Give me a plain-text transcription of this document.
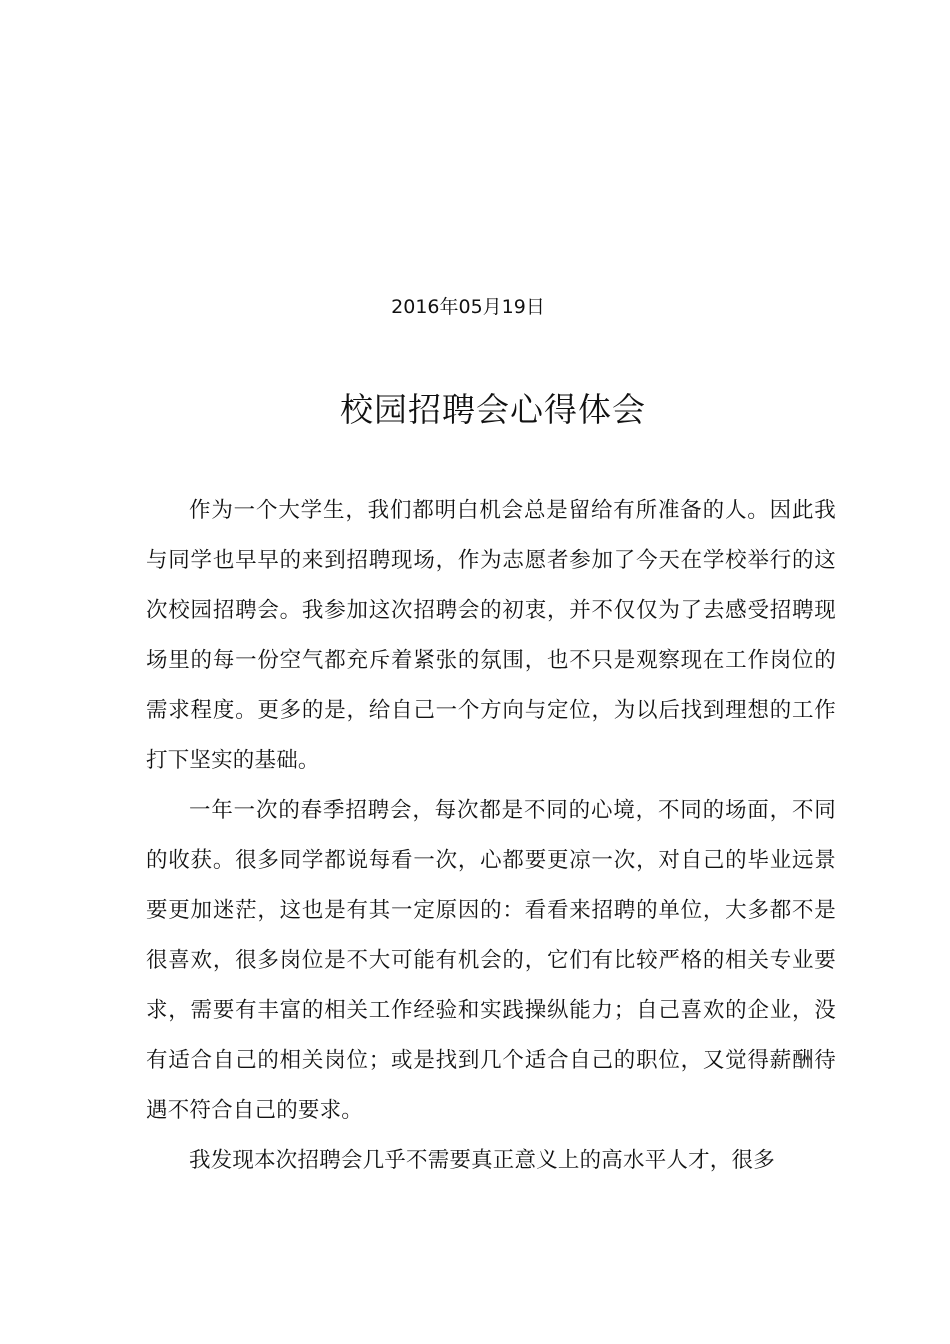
2016年05月19日
校园招聘会心得体会

作为一个大学生，我们都明白机会总是留给有所准备的人。因此我与同学也早早的来到招聘现场，作为志愿者参加了今天在学校举行的这次校园招聘会。我参加这次招聘会的初衷，并不仅仅为了去感受招聘现场里的每一份空气都充斥着紧张的氛围，也不只是观察现在工作岗位的需求程度。更多的是，给自己一个方向与定位，为以后找到理想的工作打下坚实的基础。

一年一次的春季招聘会，每次都是不同的心境，不同的场面，不同的收获。很多同学都说每看一次，心都要更凉一次，对自己的毕业远景要更加迷茫，这也是有其一定原因的：看看来招聘的单位，大多都不是很喜欢，很多岗位是不大可能有机会的，它们有比较严格的相关专业要求，需要有丰富的相关工作经验和实践操纵能力；自己喜欢的企业，没有适合自己的相关岗位；或是找到几个适合自己的职位，又觉得薪酬待遇不符合自己的要求。

我发现本次招聘会几乎不需要真正意义上的高水平人才，很多
